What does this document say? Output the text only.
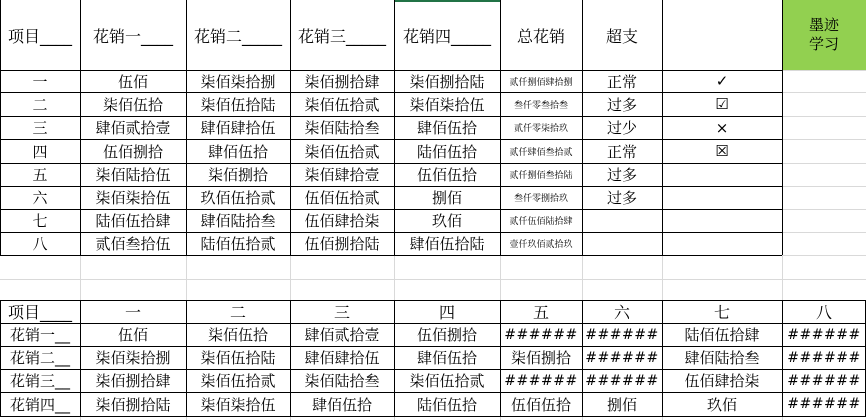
墨迹
学习
项目____	花销一____	花销二_____ 花销三_____	花销四_____	总花销	超支
一	伍佰	柒佰柒拾捌	柒佰捌拾肆	柒佰捌拾陆	贰仟捌佰肆拾捌	正常	✓
二	柒佰伍拾	柒佰伍拾陆	柒佰伍拾贰	柒佰柒拾伍	叁仟零叁拾叁	过多	☑
三	肆佰贰拾壹	肆佰肆拾伍	柒佰陆拾叁	肆佰伍拾	贰仟零柒拾玖	过少	×
四	伍佰捌拾	肆佰伍拾	柒佰伍拾贰	陆佰伍拾	贰仟肆佰叁拾贰	正常	☒
五	柒佰陆拾伍	柒佰捌拾	柒佰肆拾壹	伍佰伍拾	贰仟捌佰叁拾陆	过多
六	柒佰柒拾伍	玖佰伍拾贰	伍佰伍拾贰	捌佰	叁仟零捌拾玖	过多
七	陆佰伍拾肆	肆佰陆拾叁	伍佰肆拾柒	玖佰	贰仟伍佰陆拾肆
八	贰佰叁拾伍	陆佰伍拾贰	伍佰捌拾陆	肆佰伍拾陆	壹仟玖佰贰拾玖
项目____	一	二	三	四	五	六	七	八
花销一__	伍佰	柒佰伍拾	肆佰贰拾壹	伍佰捌拾	###### ######	陆佰伍拾肆	######
花销二__	柒佰柒拾捌	柒佰伍拾陆	肆佰肆拾伍	肆佰伍拾	柒佰捌拾	######	肆佰陆拾叁	######
花销三__	柒佰捌拾肆	柒佰伍拾贰	柒佰陆拾叁	柒佰伍拾贰	###### ######	伍佰肆拾柒	######
花销四__	柒佰捌拾陆	柒佰柒拾伍	肆佰伍拾	陆佰伍拾	伍佰伍拾	捌佰	玖佰	######
